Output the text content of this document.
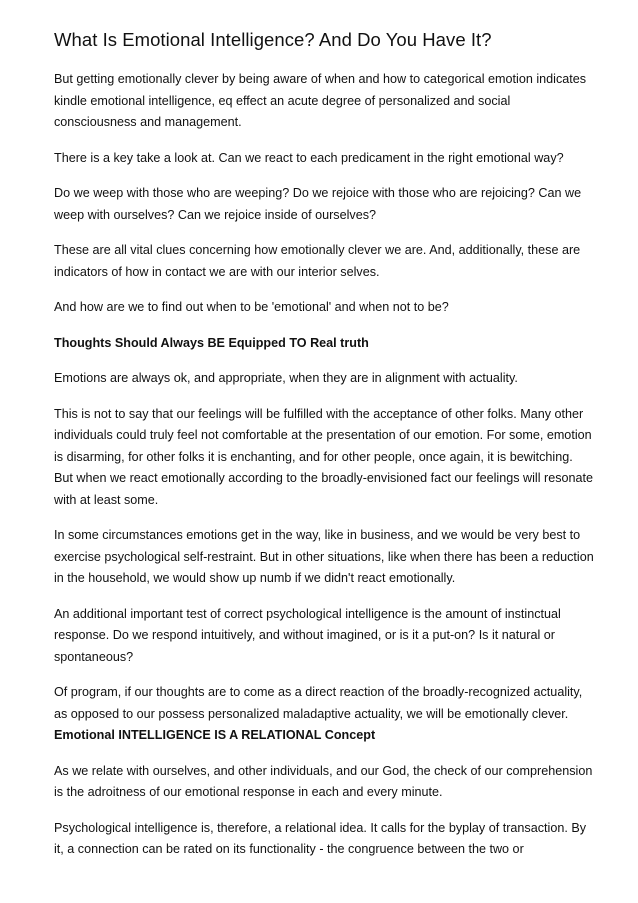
What Is Emotional Intelligence? And Do You Have It?

But getting emotionally clever by being aware of when and how to categorical emotion indicates kindle emotional intelligence, eq effect an acute degree of personalized and social consciousness and management.

There is a key take a look at. Can we react to each predicament in the right emotional way?

Do we weep with those who are weeping? Do we rejoice with those who are rejoicing? Can we weep with ourselves? Can we rejoice inside of ourselves?

These are all vital clues concerning how emotionally clever we are. And, additionally, these are indicators of how in contact we are with our interior selves.

And how are we to find out when to be 'emotional' and when not to be?

Thoughts Should Always BE Equipped TO Real truth

Emotions are always ok, and appropriate, when they are in alignment with actuality.

This is not to say that our feelings will be fulfilled with the acceptance of other folks. Many other individuals could truly feel not comfortable at the presentation of our emotion. For some, emotion is disarming, for other folks it is enchanting, and for other people, once again, it is bewitching. But when we react emotionally according to the broadly-envisioned fact our feelings will resonate with at least some.

In some circumstances emotions get in the way, like in business, and we would be very best to exercise psychological self-restraint. But in other situations, like when there has been a reduction in the household, we would show up numb if we didn't react emotionally.

An additional important test of correct psychological intelligence is the amount of instinctual response. Do we respond intuitively, and without imagined, or is it a put-on? Is it natural or spontaneous?

Of program, if our thoughts are to come as a direct reaction of the broadly-recognized actuality, as opposed to our possess personalized maladaptive actuality, we will be emotionally clever. Emotional INTELLIGENCE IS A RELATIONAL Concept

As we relate with ourselves, and other individuals, and our God, the check of our comprehension is the adroitness of our emotional response in each and every minute.

Psychological intelligence is, therefore, a relational idea. It calls for the byplay of transaction. By it, a connection can be rated on its functionality - the congruence between the two or
